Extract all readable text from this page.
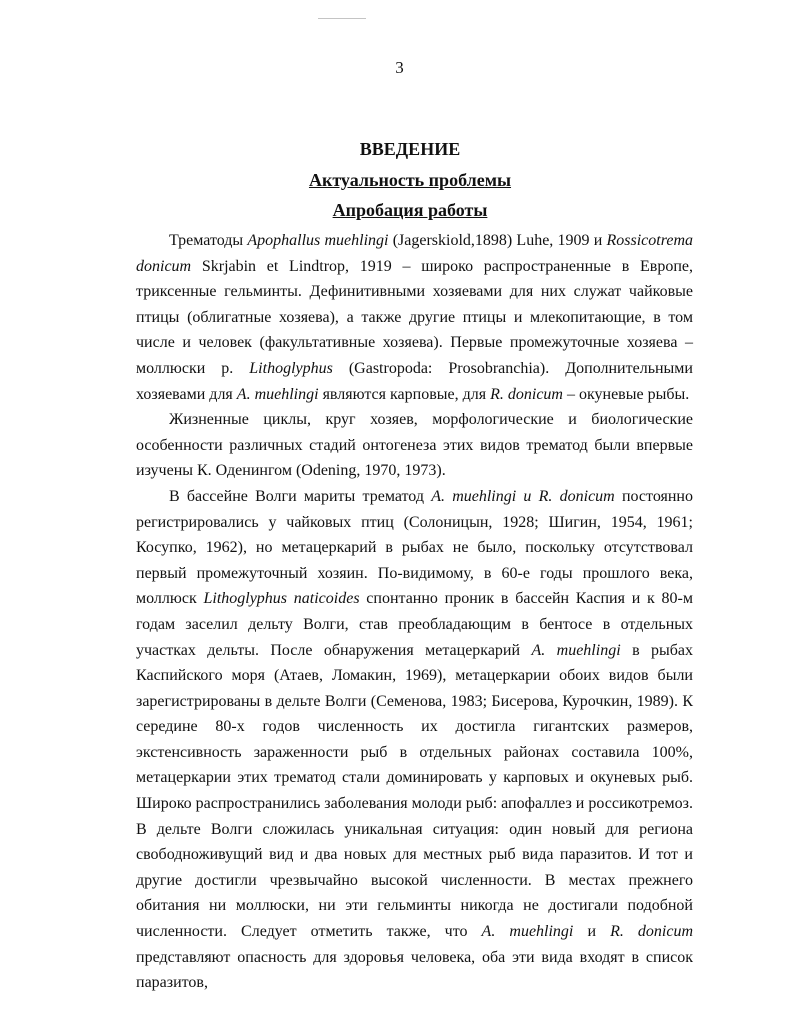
3
ВВЕДЕНИЕ
Актуальность проблемы
Апробация работы

Трематоды Apophallus muehlingi (Jagerskiold,1898) Luhe, 1909 и Rossicotrema donicum Skrjabin et Lindtrop, 1919 – широко распространенные в Европе, триксенные гельминты. Дефинитивными хозяевами для них служат чайковые птицы (облигатные хозяева), а также другие птицы и млекопитающие, в том числе и человек (факультативные хозяева). Первые промежуточные хозяева – моллюски р. Lithoglyphus (Gastropoda: Prosobranchia). Дополнительными хозяевами для A. muehlingi являются карповые, для R. donicum – окуневые рыбы.

Жизненные циклы, круг хозяев, морфологические и биологические особенности различных стадий онтогенеза этих видов трематод были впервые изучены К. Оденингом (Odening, 1970, 1973).

В бассейне Волги мариты трематод A. muehlingi и R. donicum постоянно регистрировались у чайковых птиц (Солоницын, 1928; Шигин, 1954, 1961; Косупко, 1962), но метацеркарий в рыбах не было, поскольку отсутствовал первый промежуточный хозяин. По-видимому, в 60-е годы прошлого века, моллюск Lithoglyphus naticoides спонтанно проник в бассейн Каспия и к 80-м годам заселил дельту Волги, став преобладающим в бентосе в отдельных участках дельты. После обнаружения метацеркарий A. muehlingi в рыбах Каспийского моря (Атаев, Ломакин, 1969), метацеркарии обоих видов были зарегистрированы в дельте Волги (Семенова, 1983; Бисерова, Курочкин, 1989). К середине 80-х годов численность их достигла гигантских размеров, экстенсивность зараженности рыб в отдельных районах составила 100%, метацеркарии этих трематод стали доминировать у карповых и окуневых рыб. Широко распространились заболевания молоди рыб: апофаллез и россикотремоз. В дельте Волги сложилась уникальная ситуация: один новый для региона свободноживущий вид и два новых для местных рыб вида паразитов. И тот и другие достигли чрезвычайно высокой численности. В местах прежнего обитания ни моллюски, ни эти гельминты никогда не достигали подобной численности. Следует отметить также, что A. muehlingi и R. donicum представляют опасность для здоровья человека, оба эти вида входят в список паразитов,
